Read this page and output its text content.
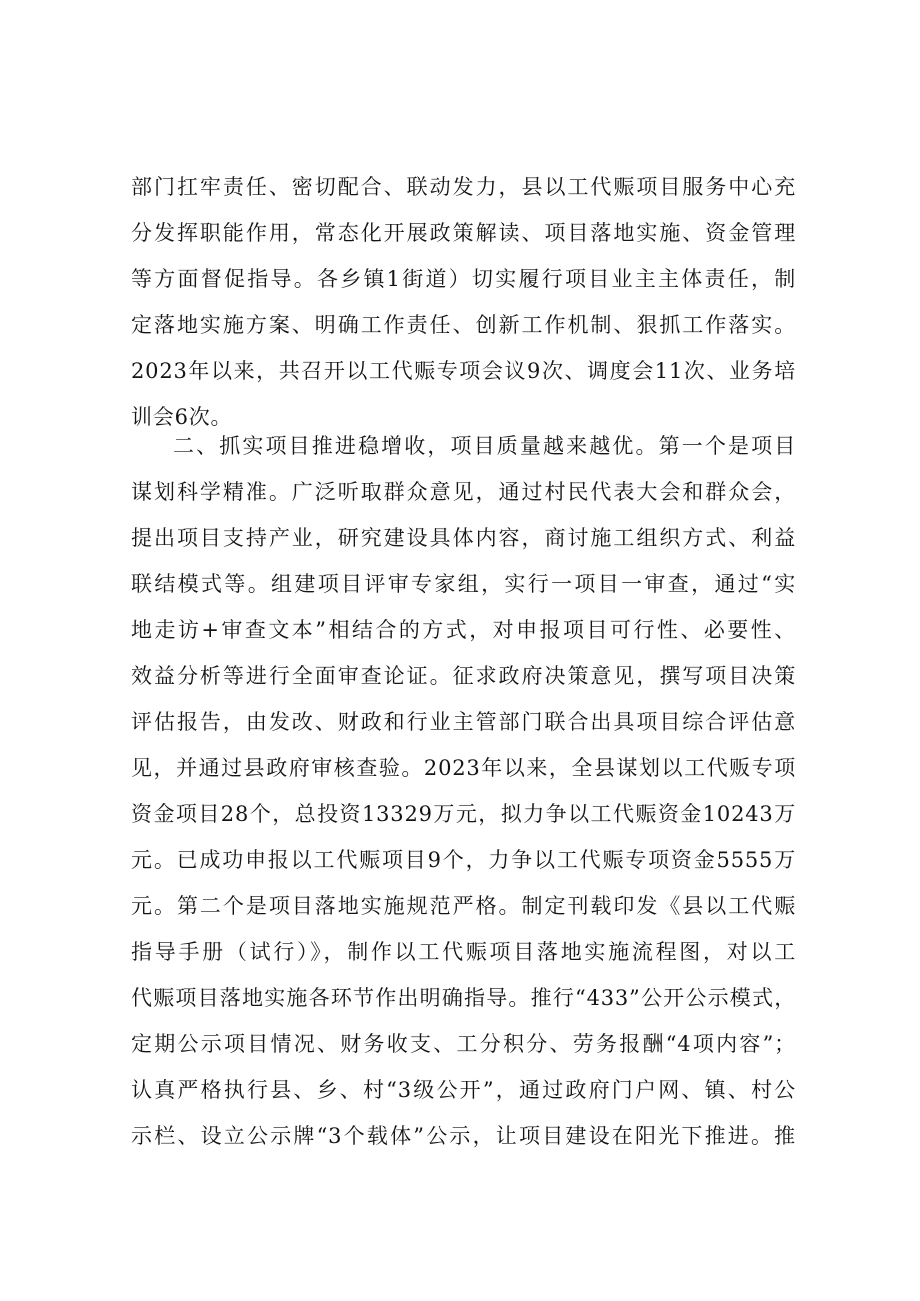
部门扛牢责任、密切配合、联动发力，县以工代赈项目服务中心充
分发挥职能作用，常态化开展政策解读、项目落地实施、资金管理
等方面督促指导。各乡镇1街道）切实履行项目业主主体责任，制
定落地实施方案、明确工作责任、创新工作机制、狠抓工作落实。
2023年以来，共召开以工代赈专项会议9次、调度会11次、业务培
训会6次。
二、抓实项目推进稳增收，项目质量越来越优。第一个是项目
谋划科学精准。广泛听取群众意见，通过村民代表大会和群众会，
提出项目支持产业，研究建设具体内容，商讨施工组织方式、利益
联结模式等。组建项目评审专家组，实行一项目一审查，通过“实
地走访+审查文本”相结合的方式，对申报项目可行性、必要性、
效益分析等进行全面审查论证。征求政府决策意见，撰写项目决策
评估报告，由发改、财政和行业主管部门联合出具项目综合评估意
见，并通过县政府审核查验。2023年以来，全县谋划以工代贩专项
资金项目28个，总投资13329万元，拟力争以工代赈资金10243万
元。已成功申报以工代赈项目9个，力争以工代赈专项资金5555万
元。第二个是项目落地实施规范严格。制定刊载印发《县以工代赈
指导手册（试行）》，制作以工代赈项目落地实施流程图，对以工
代赈项目落地实施各环节作出明确指导。推行“433”公开公示模式，
定期公示项目情况、财务收支、工分积分、劳务报酬“4项内容”；
认真严格执行县、乡、村“3级公开”，通过政府门户网、镇、村公
示栏、设立公示牌“3个载体”公示，让项目建设在阳光下推进。推
